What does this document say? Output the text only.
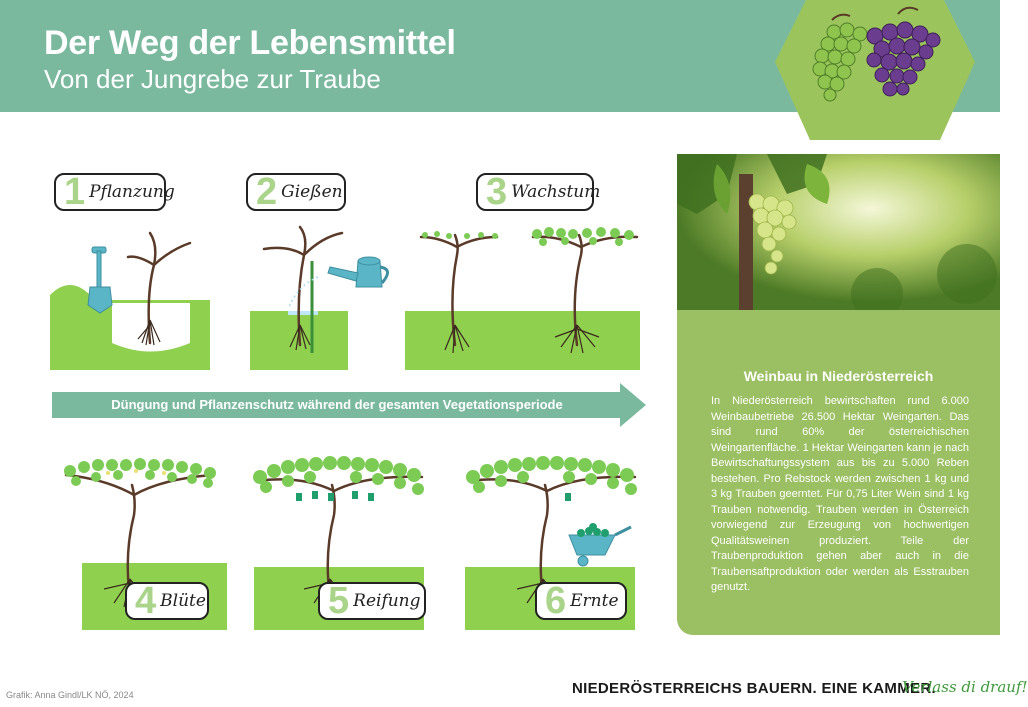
Der Weg der Lebensmittel
Von der Jungrebe zur Traube
Düngung und Pflanzenschutz während der gesamten Vegetationsperiode
1 Pflanzung 2 Gießen	3 Wachstum
4 Blüte	5 Reifung	6 Ernte
Weinbau in Niederösterreich
In Niederösterreich bewirtschaften rund 6.000 Weinbaubetriebe 26.500 Hektar Weingarten. Das sind rund 60% der österreichischen Weingartenfläche. 1 Hektar Weingarten kann je nach Bewirtschaftungssystem aus bis zu 5.000 Reben bestehen. Pro Rebstock werden zwischen 1 kg und 3 kg Trauben geerntet. Für 0,75 Liter Wein sind 1 kg Trauben notwendig. Trauben werden in Österreich vorwiegend zur Erzeugung von hochwertigen Qualitätsweinen produziert. Teile der Traubenproduktion gehen aber auch in die Traubensaftproduktion oder werden als Esstrauben genutzt.
Grafik: Anna Gindl/LK NÖ, 2024	NIEDERÖSTERREICHS BAUERN. EINE KAMMER.
Verlass di drauf!
